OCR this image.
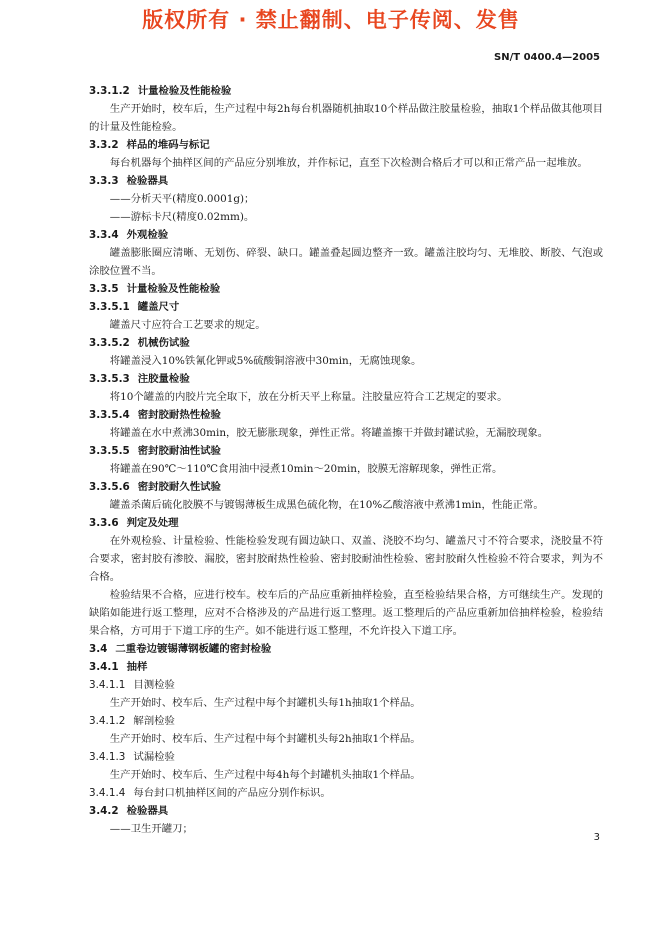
版权所有 · 禁止翻制、电子传阅、发售
SN/T 0400.4—2005
3.3.1.2 计量检验及性能检验
生产开始时，校车后，生产过程中每2h每台机器随机抽取10个样品做注胶量检验，抽取1个样品做其他项目的计量及性能检验。
3.3.2 样品的堆码与标记
每台机器每个抽样区间的产品应分别堆放，并作标记，直至下次检测合格后才可以和正常产品一起堆放。
3.3.3 检验器具
——分析天平(精度0.0001g)；
——游标卡尺(精度0.02mm)。
3.3.4 外观检验
罐盖膨胀圈应清晰、无划伤、碎裂、缺口。罐盖叠起圆边整齐一致。罐盖注胶均匀、无堆胶、断胶、气泡或涂胶位置不当。
3.3.5 计量检验及性能检验
3.3.5.1 罐盖尺寸
罐盖尺寸应符合工艺要求的规定。
3.3.5.2 机械伤试验
将罐盖浸入10%铁氰化钾或5%硫酸铜溶液中30min，无腐蚀现象。
3.3.5.3 注胶量检验
将10个罐盖的内胶片完全取下，放在分析天平上称量。注胶量应符合工艺规定的要求。
3.3.5.4 密封胶耐热性检验
将罐盖在水中煮沸30min，胶无膨胀现象，弹性正常。将罐盖擦干并做封罐试验，无漏胶现象。
3.3.5.5 密封胶耐油性试验
将罐盖在90℃～110℃食用油中浸煮10min～20min，胶膜无溶解现象，弹性正常。
3.3.5.6 密封胶耐久性试验
罐盖杀菌后硫化胶膜不与镀锡薄板生成黑色硫化物，在10%乙酸溶液中煮沸1min，性能正常。
3.3.6 判定及处理
在外观检验、计量检验、性能检验发现有圆边缺口、双盖、浇胶不均匀、罐盖尺寸不符合要求，浇胶量不符合要求，密封胶有渗胶、漏胶，密封胶耐热性检验、密封胶耐油性检验、密封胶耐久性检验不符合要求，判为不合格。
检验结果不合格，应进行校车。校车后的产品应重新抽样检验，直至检验结果合格，方可继续生产。发现的缺陷如能进行返工整理，应对不合格涉及的产品进行返工整理。返工整理后的产品应重新加倍抽样检验，检验结果合格，方可用于下道工序的生产。如不能进行返工整理，不允许投入下道工序。
3.4 二重卷边镀锡薄钢板罐的密封检验
3.4.1 抽样
3.4.1.1 目测检验
生产开始时、校车后、生产过程中每个封罐机头每1h抽取1个样品。
3.4.1.2 解剖检验
生产开始时、校车后、生产过程中每个封罐机头每2h抽取1个样品。
3.4.1.3 试漏检验
生产开始时、校车后、生产过程中每4h每个封罐机头抽取1个样品。
3.4.1.4 每台封口机抽样区间的产品应分别作标识。
3.4.2 检验器具
——卫生开罐刀；
3
